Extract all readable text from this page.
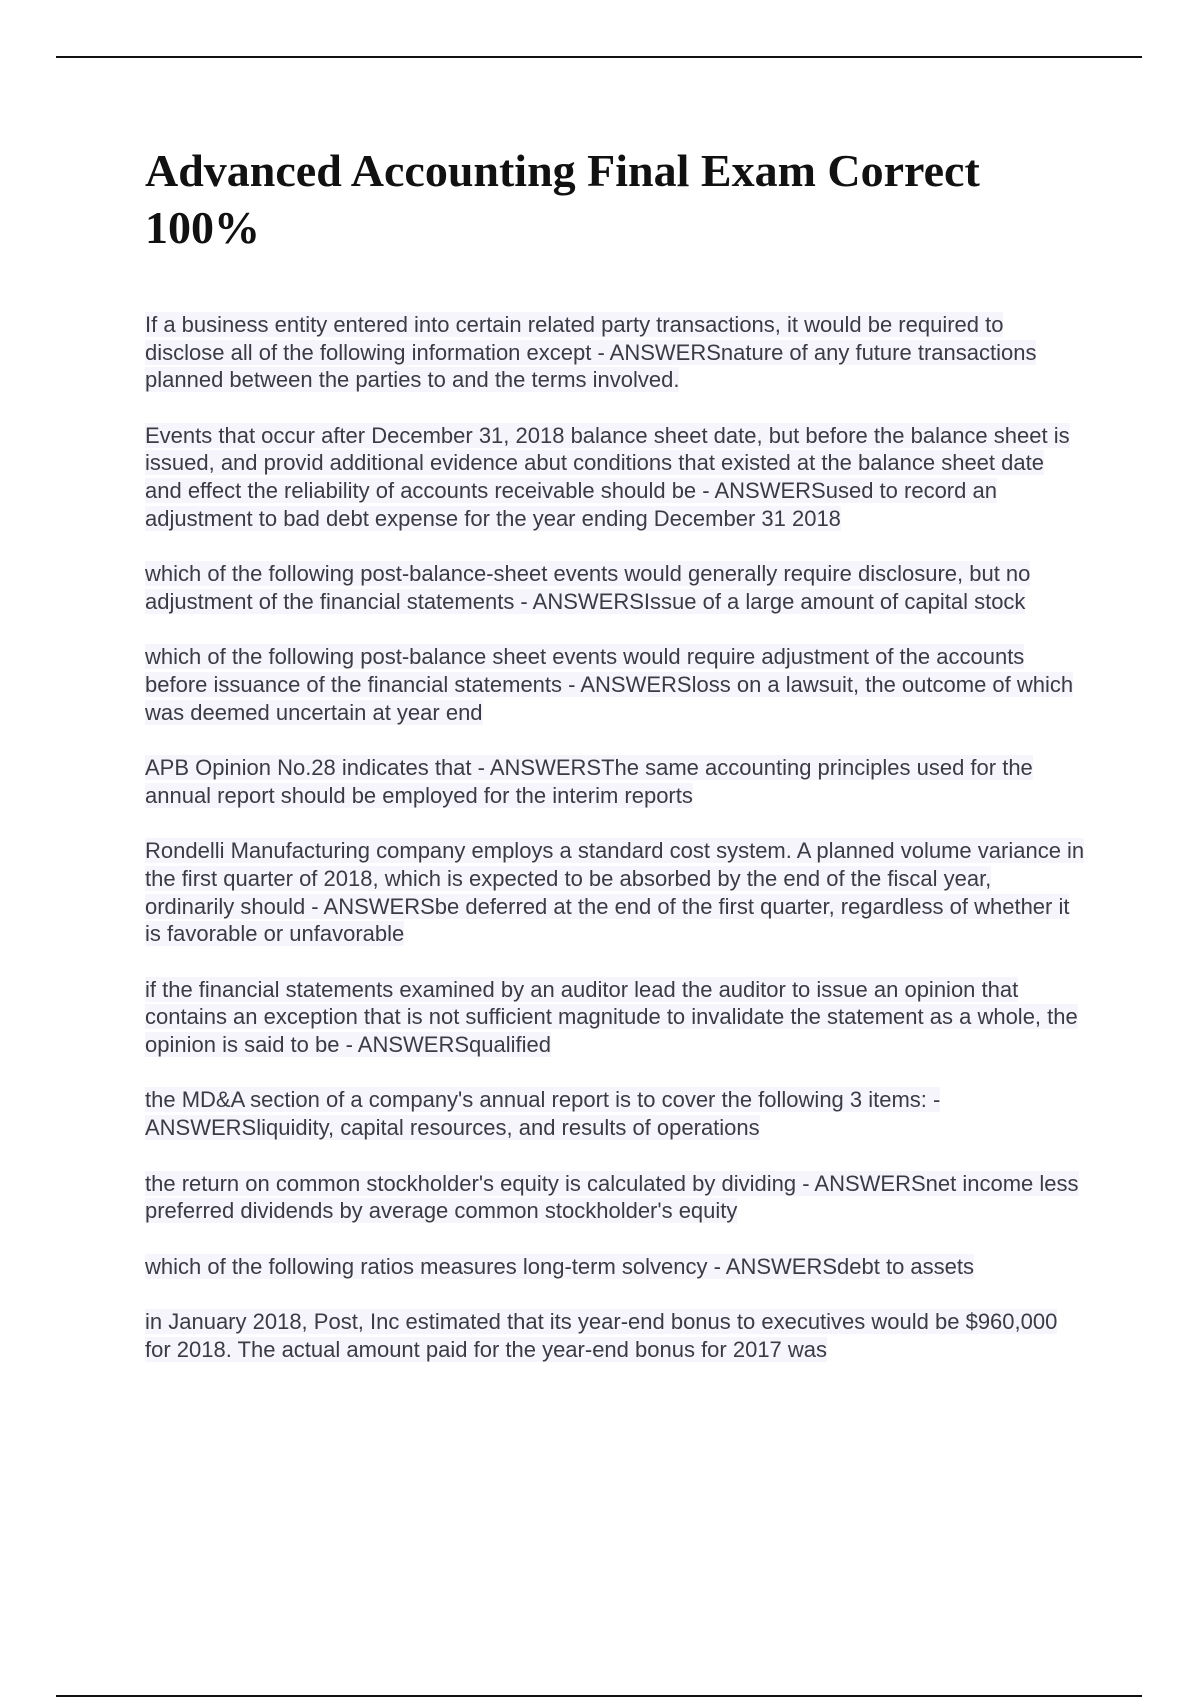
Advanced Accounting Final Exam Correct 100%
If a business entity entered into certain related party transactions, it would be required to disclose all of the following information except - ANSWERSnature of any future transactions planned between the parties to and the terms involved.
Events that occur after December 31, 2018 balance sheet date, but before the balance sheet is issued, and provid additional evidence abut conditions that existed at the balance sheet date and effect the reliability of accounts receivable should be - ANSWERSused to record an adjustment to bad debt expense for the year ending December 31 2018
which of the following post-balance-sheet events would generally require disclosure, but no adjustment of the financial statements - ANSWERSIssue of a large amount of capital stock
which of the following post-balance sheet events would require adjustment of the accounts before issuance of the financial statements - ANSWERSloss on a lawsuit, the outcome of which was deemed uncertain at year end
APB Opinion No.28 indicates that - ANSWERSThe same accounting principles used for the annual report should be employed for the interim reports
Rondelli Manufacturing company employs a standard cost system. A planned volume variance in the first quarter of 2018, which is expected to be absorbed by the end of the fiscal year, ordinarily should - ANSWERSbe deferred at the end of the first quarter, regardless of whether it is favorable or unfavorable
if the financial statements examined by an auditor lead the auditor to issue an opinion that contains an exception that is not sufficient magnitude to invalidate the statement as a whole, the opinion is said to be - ANSWERSqualified
the MD&A section of a company's annual report is to cover the following 3 items: - ANSWERSliquidity, capital resources, and results of operations
the return on common stockholder's equity is calculated by dividing - ANSWERSnet income less preferred dividends by average common stockholder's equity
which of the following ratios measures long-term solvency - ANSWERSdebt to assets
in January 2018, Post, Inc estimated that its year-end bonus to executives would be $960,000 for 2018. The actual amount paid for the year-end bonus for 2017 was
